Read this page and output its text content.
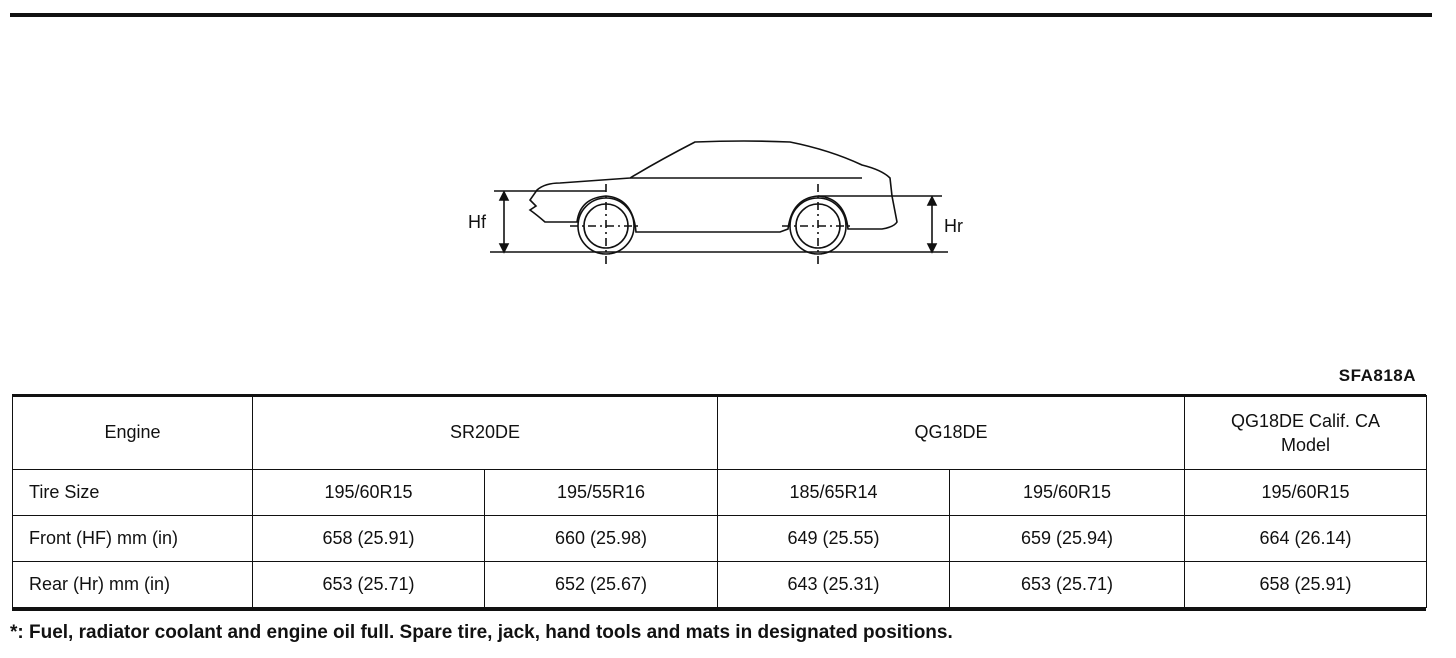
Hf	Hr
SFA818A
Engine	SR20DE		QG18DE		QG18DE Calif. CA Model
Tire Size	195/60R15	195/55R16	185/65R14	195/60R15	195/60R15
Front (HF) mm (in)	658 (25.91)	660 (25.98)	649 (25.55)	659 (25.94)	664 (26.14)
Rear (Hr) mm (in)	653 (25.71)	652 (25.67)	643 (25.31)	653 (25.71)	658 (25.91)
*: Fuel, radiator coolant and engine oil full. Spare tire, jack, hand tools and mats in designated positions.
